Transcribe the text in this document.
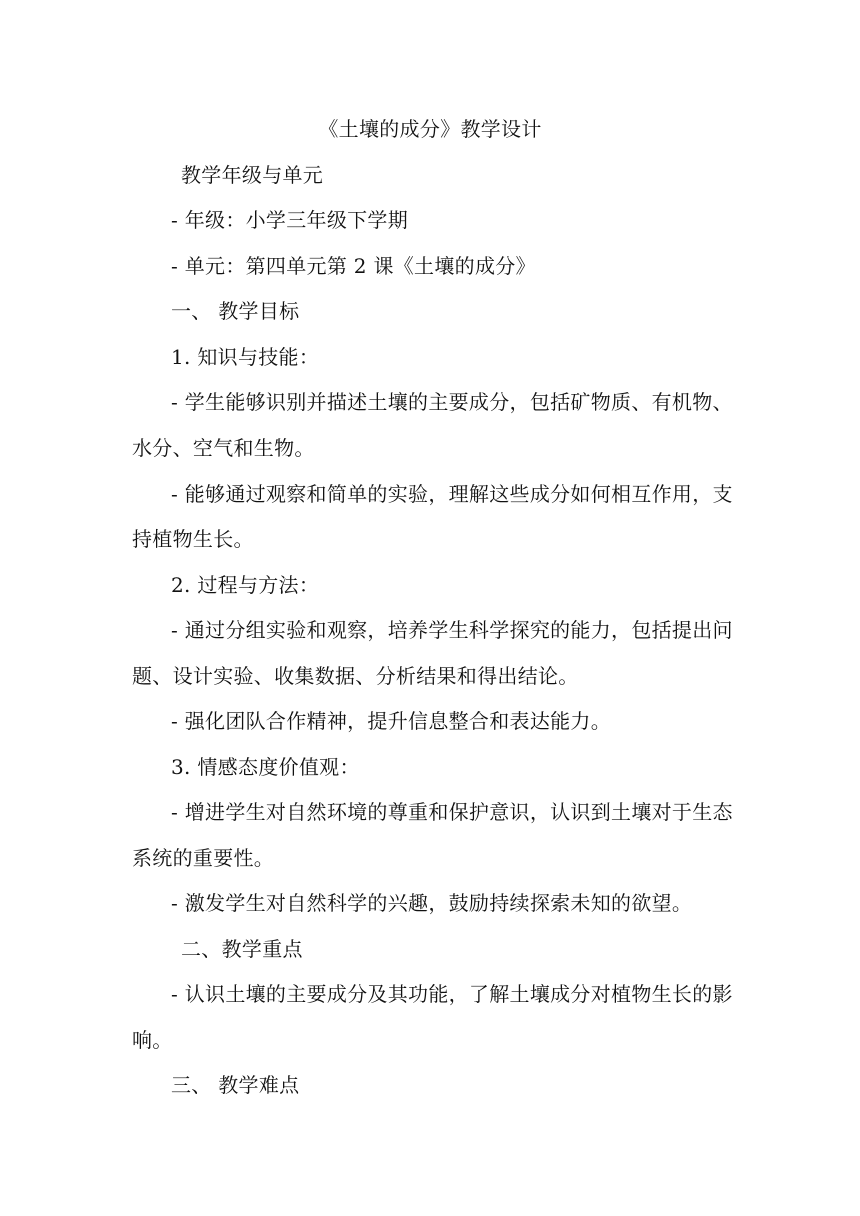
《土壤的成分》教学设计
教学年级与单元
- 年级：小学三年级下学期
- 单元：第四单元第 2 课《土壤的成分》
一、 教学目标
1. 知识与技能：
- 学生能够识别并描述土壤的主要成分，包括矿物质、有机物、
水分、空气和生物。
- 能够通过观察和简单的实验，理解这些成分如何相互作用，支
持植物生长。
2. 过程与方法：
- 通过分组实验和观察，培养学生科学探究的能力，包括提出问
题、设计实验、收集数据、分析结果和得出结论。
- 强化团队合作精神，提升信息整合和表达能力。
3. 情感态度价值观：
- 增进学生对自然环境的尊重和保护意识，认识到土壤对于生态
系统的重要性。
- 激发学生对自然科学的兴趣，鼓励持续探索未知的欲望。
二、教学重点
- 认识土壤的主要成分及其功能，了解土壤成分对植物生长的影
响。
三、 教学难点
